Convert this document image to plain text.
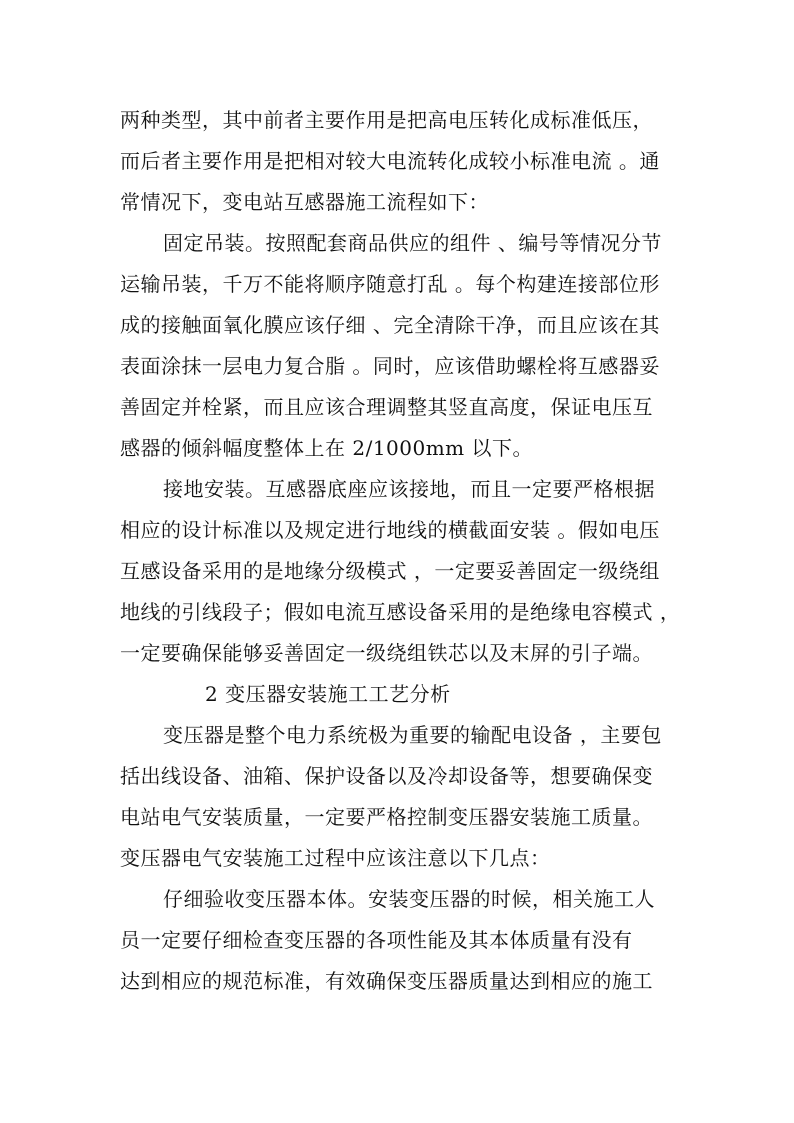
两种类型，其中前者主要作用是把高电压转化成标准低压，
而后者主要作用是把相对较大电流转化成较小标准电流 。通
常情况下，变电站互感器施工流程如下：
固定吊装。按照配套商品供应的组件 、编号等情况分节
运输吊装，千万不能将顺序随意打乱 。每个构建连接部位形
成的接触面氧化膜应该仔细 、完全清除干净，而且应该在其
表面涂抹一层电力复合脂 。同时，应该借助螺栓将互感器妥
善固定并栓紧，而且应该合理调整其竖直高度，保证电压互
感器的倾斜幅度整体上在 2/1000mm 以下。
接地安装。互感器底座应该接地，而且一定要严格根据
相应的设计标准以及规定进行地线的横截面安装 。假如电压
互感设备采用的是地缘分级模式 ，一定要妥善固定一级绕组
地线的引线段子；假如电流互感设备采用的是绝缘电容模式 ，
一定要确保能够妥善固定一级绕组铁芯以及末屏的引子端。
2 变压器安装施工工艺分析
变压器是整个电力系统极为重要的输配电设备 ，主要包
括出线设备、油箱、保护设备以及冷却设备等，想要确保变
电站电气安装质量，一定要严格控制变压器安装施工质量。
变压器电气安装施工过程中应该注意以下几点：
仔细验收变压器本体。安装变压器的时候，相关施工人
员一定要仔细检查变压器的各项性能及其本体质量有没有
达到相应的规范标准，有效确保变压器质量达到相应的施工
